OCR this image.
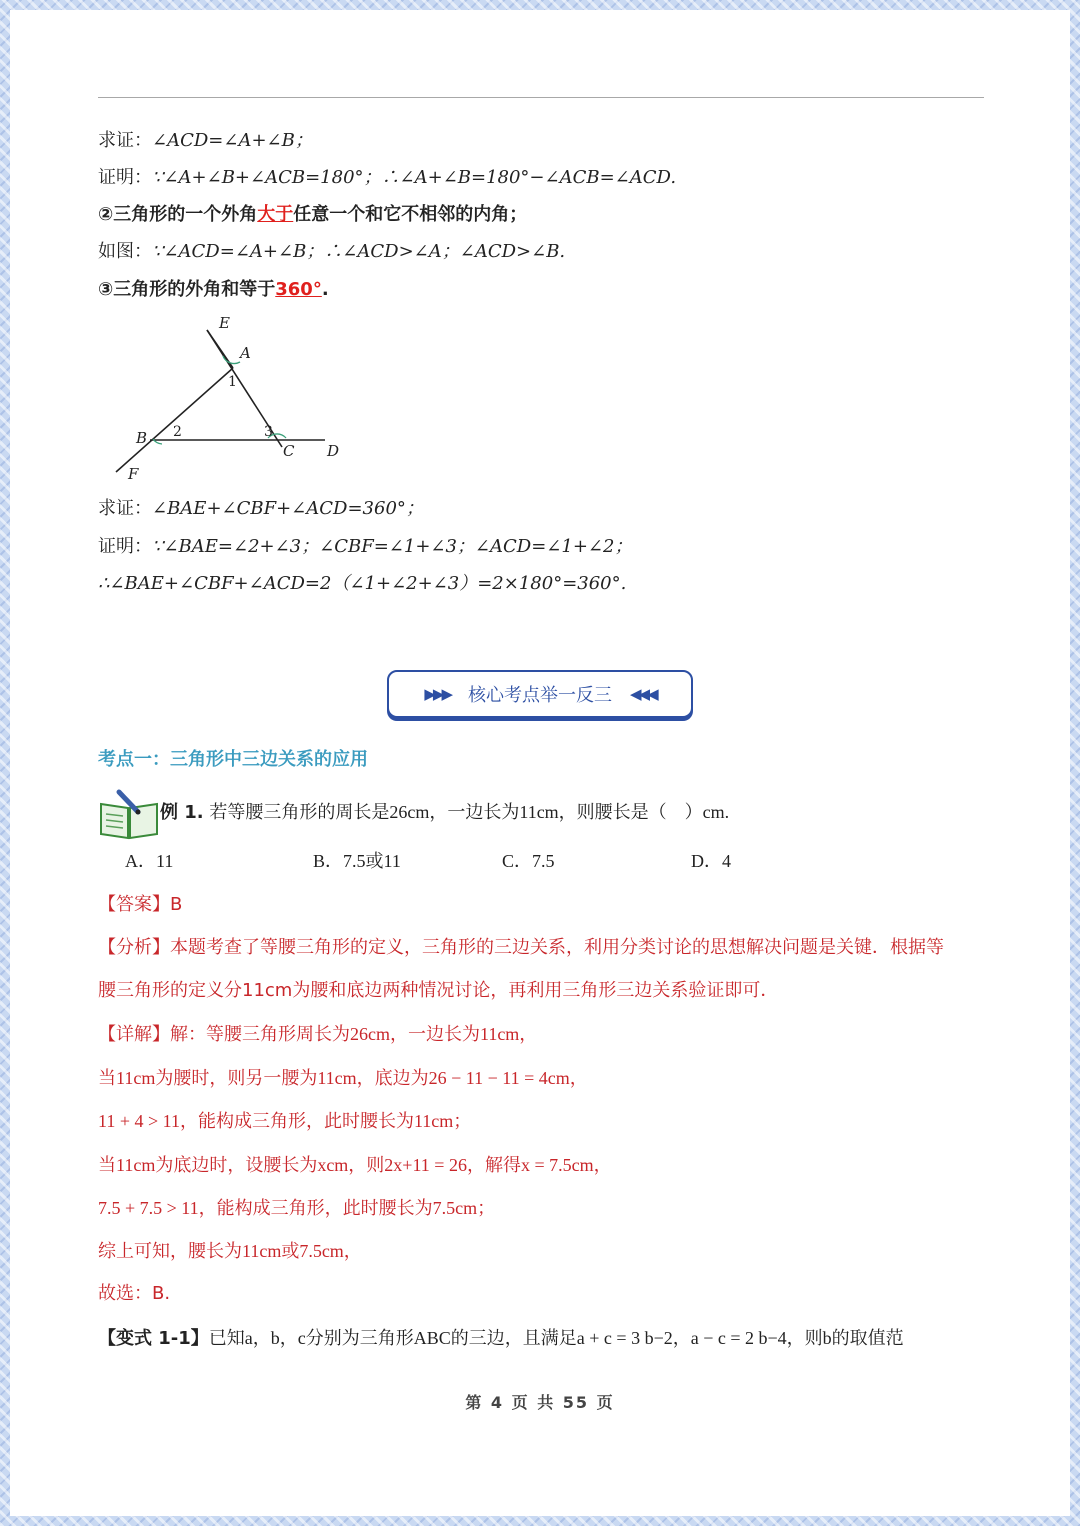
求证：∠ACD=∠A+∠B；
证明：∵∠A+∠B+∠ACB=180°；∴∠A+∠B=180°−∠ACB=∠ACD.
②三角形的一个外角大于任意一个和它不相邻的内角；
如图：∵∠ACD=∠A+∠B；∴∠ACD>∠A；∠ACD>∠B.
③三角形的外角和等于360°.
E
A
1
B 2	3
C D
F
求证：∠BAE+∠CBF+∠ACD=360°；
证明：∵∠BAE=∠2+∠3；∠CBF=∠1+∠3；∠ACD=∠1+∠2；
∴∠BAE+∠CBF+∠ACD=2（∠1+∠2+∠3）=2×180°=360°.
▶▶▶ 核心考点举一反三 ◀◀◀
考点一：三角形中三边关系的应用
例 1. 若等腰三角形的周长是26cm，一边长为11cm，则腰长是（　）cm.
A．11	B．7.5或11	C．7.5	D．4
【答案】B
【分析】本题考查了等腰三角形的定义，三角形的三边关系，利用分类讨论的思想解决问题是关键．根据等
腰三角形的定义分11cm为腰和底边两种情况讨论，再利用三角形三边关系验证即可．
【详解】解：等腰三角形周长为26cm，一边长为11cm，
当11cm为腰时，则另一腰为11cm，底边为26 − 11 − 11 = 4cm，
11 + 4 > 11，能构成三角形，此时腰长为11cm；
当11cm为底边时，设腰长为xcm，则2x+11 = 26，解得x = 7.5cm，
7.5 + 7.5 > 11，能构成三角形，此时腰长为7.5cm；
综上可知，腰长为11cm或7.5cm，
故选：B.
【变式 1-1】已知a，b，c分别为三角形ABC的三边，且满足a + c = 3 b−2，a − c = 2 b−4，则b的取值范
第 4 页 共 55 页
